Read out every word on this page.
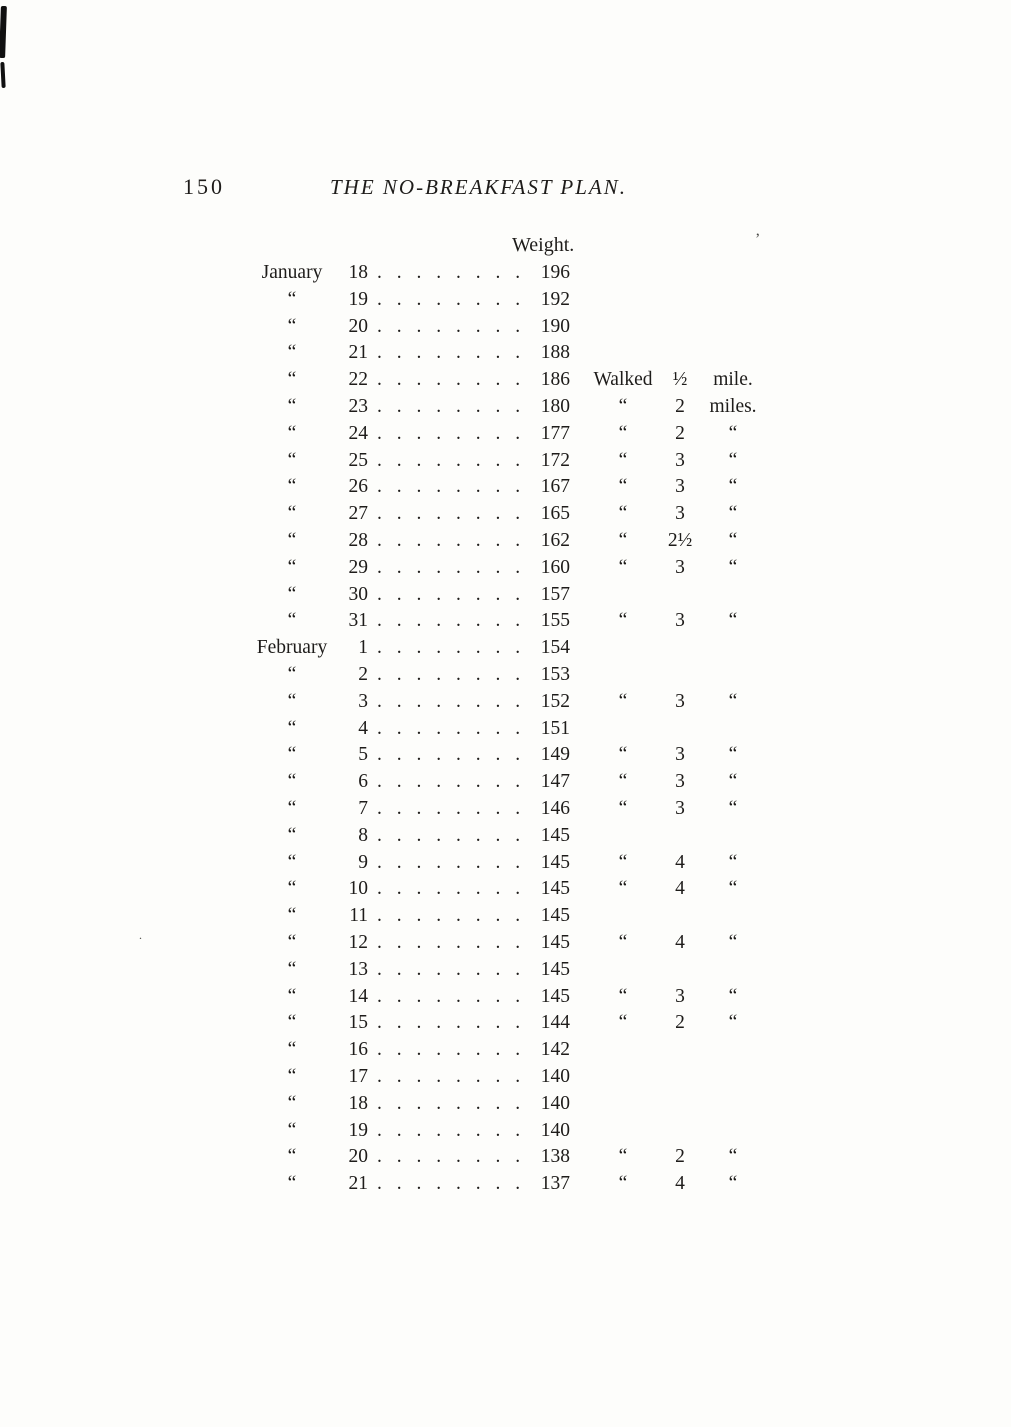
150	THE NO-BREAKFAST PLAN.
Weight.	’
.
January	18 . . . . . . . .	196
“	19 . . . . . . . .	192
“	20 . . . . . . . .	190
“	21 . . . . . . . .	188
“	22 . . . . . . . .	186	Walked	½	mile.
“	23 . . . . . . . .	180	“	2	miles.
“	24 . . . . . . . .	177	“	2	“
“	25 . . . . . . . .	172	“	3	“
“	26 . . . . . . . .	167	“	3	“
“	27 . . . . . . . .	165	“	3	“
“	28 . . . . . . . .	162	“	2½	“
“	29 . . . . . . . .	160	“	3	“
“	30 . . . . . . . .	157
“	31 . . . . . . . .	155	“	3	“
February	1 . . . . . . . .	154
“	2 . . . . . . . .	153
“	3 . . . . . . . .	152	“	3	“
“	4 . . . . . . . .	151
“	5 . . . . . . . .	149	“	3	“
“	6 . . . . . . . .	147	“	3	“
“	7 . . . . . . . .	146	“	3	“
“	8 . . . . . . . .	145
“	9 . . . . . . . .	145	“	4	“
“	10 . . . . . . . .	145	“	4	“
“	11 . . . . . . . .	145
“	12 . . . . . . . .	145	“	4	“
“	13 . . . . . . . .	145
“	14 . . . . . . . .	145	“	3	“
“	15 . . . . . . . .	144	“	2	“
“	16 . . . . . . . .	142
“	17 . . . . . . . .	140
“	18 . . . . . . . .	140
“	19 . . . . . . . .	140
“	20 . . . . . . . .	138	“	2	“
“	21 . . . . . . . .	137	“	4	“
